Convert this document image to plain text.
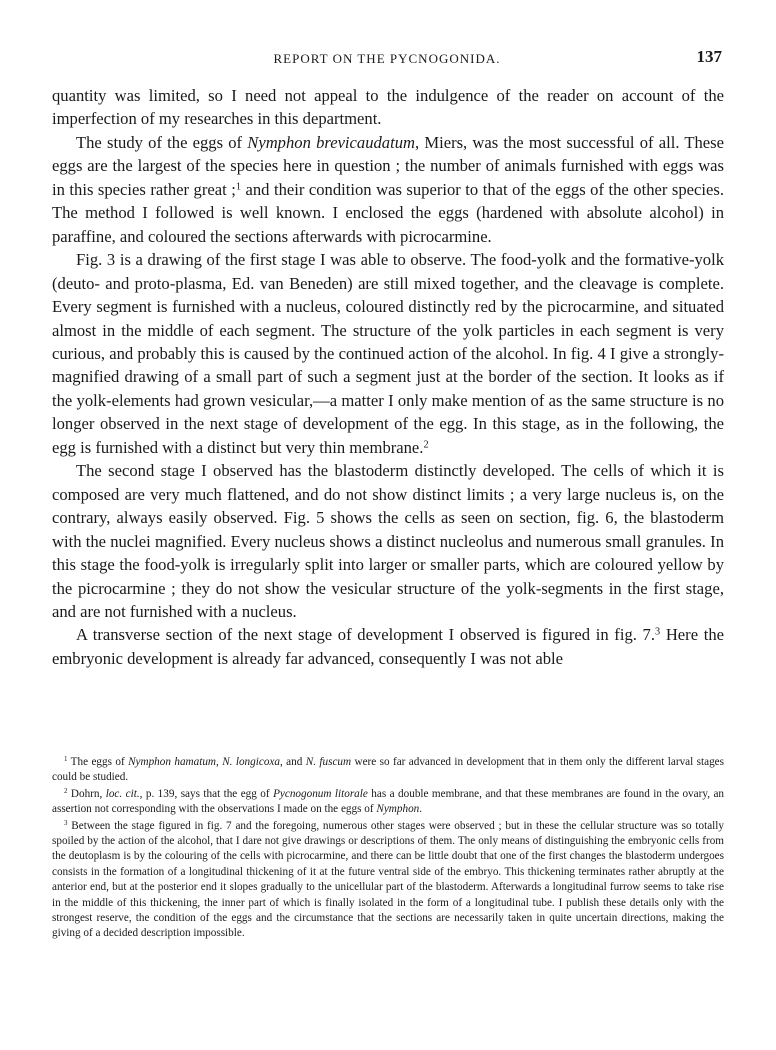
REPORT ON THE PYCNOGONIDA.	137

quantity was limited, so I need not appeal to the indulgence of the reader on account of the imperfection of my researches in this department.

The study of the eggs of Nymphon brevicaudatum, Miers, was the most successful of all. These eggs are the largest of the species here in question ; the number of animals furnished with eggs was in this species rather great ;$^1$ and their condition was superior to that of the eggs of the other species. The method I followed is well known. I enclosed the eggs (hardened with absolute alcohol) in paraffine, and coloured the sections afterwards with picrocarmine.

Fig. 3 is a drawing of the first stage I was able to observe. The food-yolk and the formative-yolk (deuto- and proto-plasma, Ed. van Beneden) are still mixed together, and the cleavage is complete. Every segment is furnished with a nucleus, coloured distinctly red by the picrocarmine, and situated almost in the middle of each segment. The structure of the yolk particles in each segment is very curious, and probably this is caused by the continued action of the alcohol. In fig. 4 I give a strongly-magnified drawing of a small part of such a segment just at the border of the section. It looks as if the yolk-elements had grown vesicular,—a matter I only make mention of as the same structure is no longer observed in the next stage of development of the egg. In this stage, as in the following, the egg is furnished with a distinct but very thin membrane.$^2$

The second stage I observed has the blastoderm distinctly developed. The cells of which it is composed are very much flattened, and do not show distinct limits ; a very large nucleus is, on the contrary, always easily observed. Fig. 5 shows the cells as seen on section, fig. 6, the blastoderm with the nuclei magnified. Every nucleus shows a distinct nucleolus and numerous small granules. In this stage the food-yolk is irregularly split into larger or smaller parts, which are coloured yellow by the picrocarmine ; they do not show the vesicular structure of the yolk-segments in the first stage, and are not furnished with a nucleus.

A transverse section of the next stage of development I observed is figured in fig. 7.$^3$ Here the embryonic development is already far advanced, consequently I was not able

$^1$ The eggs of Nymphon hamatum, N. longicoxa, and N. fuscum were so far advanced in development that in them only the different larval stages could be studied.

$^2$ Dohrn, loc. cit., p. 139, says that the egg of Pycnogonum litorale has a double membrane, and that these membranes are found in the ovary, an assertion not corresponding with the observations I made on the eggs of Nymphon.

$^3$ Between the stage figured in fig. 7 and the foregoing, numerous other stages were observed ; but in these the cellular structure was so totally spoiled by the action of the alcohol, that I dare not give drawings or descriptions of them. The only means of distinguishing the embryonic cells from the deutoplasm is by the colouring of the cells with picrocarmine, and there can be little doubt that one of the first changes the blastoderm undergoes consists in the formation of a longitudinal thickening of it at the future ventral side of the embryo. This thickening terminates rather abruptly at the anterior end, but at the posterior end it slopes gradually to the unicellular part of the blastoderm. Afterwards a longitudinal furrow seems to take rise in the middle of this thickening, the inner part of which is finally isolated in the form of a longitudinal tube. I publish these details only with the strongest reserve, the condition of the eggs and the circumstance that the sections are necessarily taken in quite uncertain directions, making the giving of a decided description impossible.
